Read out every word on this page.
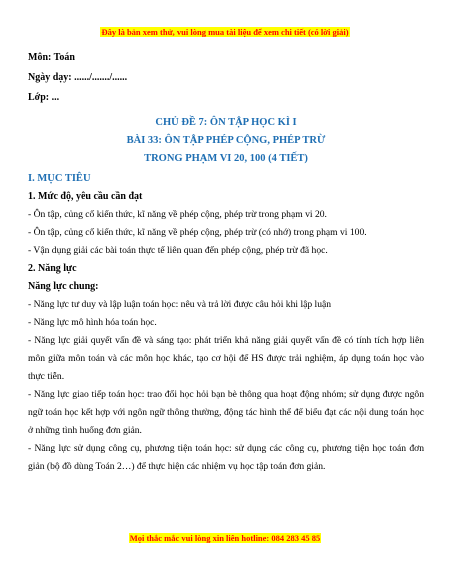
Đây là bản xem thử, vui lòng mua tài liệu để xem chi tiết (có lời giải)

Môn: Toán

Ngày dạy: ....../......./......

Lớp: ...

CHỦ ĐỀ 7: ÔN TẬP HỌC KÌ I

BÀI 33: ÔN TẬP PHÉP CỘNG, PHÉP TRỪ

TRONG PHẠM VI 20, 100 (4 TIẾT)

I. MỤC TIÊU

1. Mức độ, yêu cầu cần đạt

- Ôn tập, củng cố kiến thức, kĩ năng về phép cộng, phép trừ trong phạm vi 20.

- Ôn tập, củng cố kiến thức, kĩ năng về phép cộng, phép trừ (có nhớ) trong phạm vi 100.

- Vận dụng giải các bài toán thực tế liên quan đến phép cộng, phép trừ đã học.

2. Năng lực

Năng lực chung:

- Năng lực tư duy và lập luận toán học: nêu và trả lời được câu hỏi khi lập luận

- Năng lực mô hình hóa toán học.

- Năng lực giải quyết vấn đề và sáng tạo: phát triển khả năng giải quyết vấn đề có tính tích hợp liên môn giữa môn toán và các môn học khác, tạo cơ hội để HS được trải nghiệm, áp dụng toán học vào thực tiễn.

- Năng lực giao tiếp toán học: trao đổi học hỏi bạn bè thông qua hoạt động nhóm; sử dụng được ngôn ngữ toán học kết hợp với ngôn ngữ thông thường, động tác hình thể để biểu đạt các nội dung toán học ở những tình huống đơn giản.

- Năng lực sử dụng công cụ, phương tiện toán học: sử dụng các công cụ, phương tiện học toán đơn giản (bộ đồ dùng Toán 2…) để thực hiện các nhiệm vụ học tập toán đơn giản.

Mọi thắc mắc vui lòng xin liên hotline: 084 283 45 85
